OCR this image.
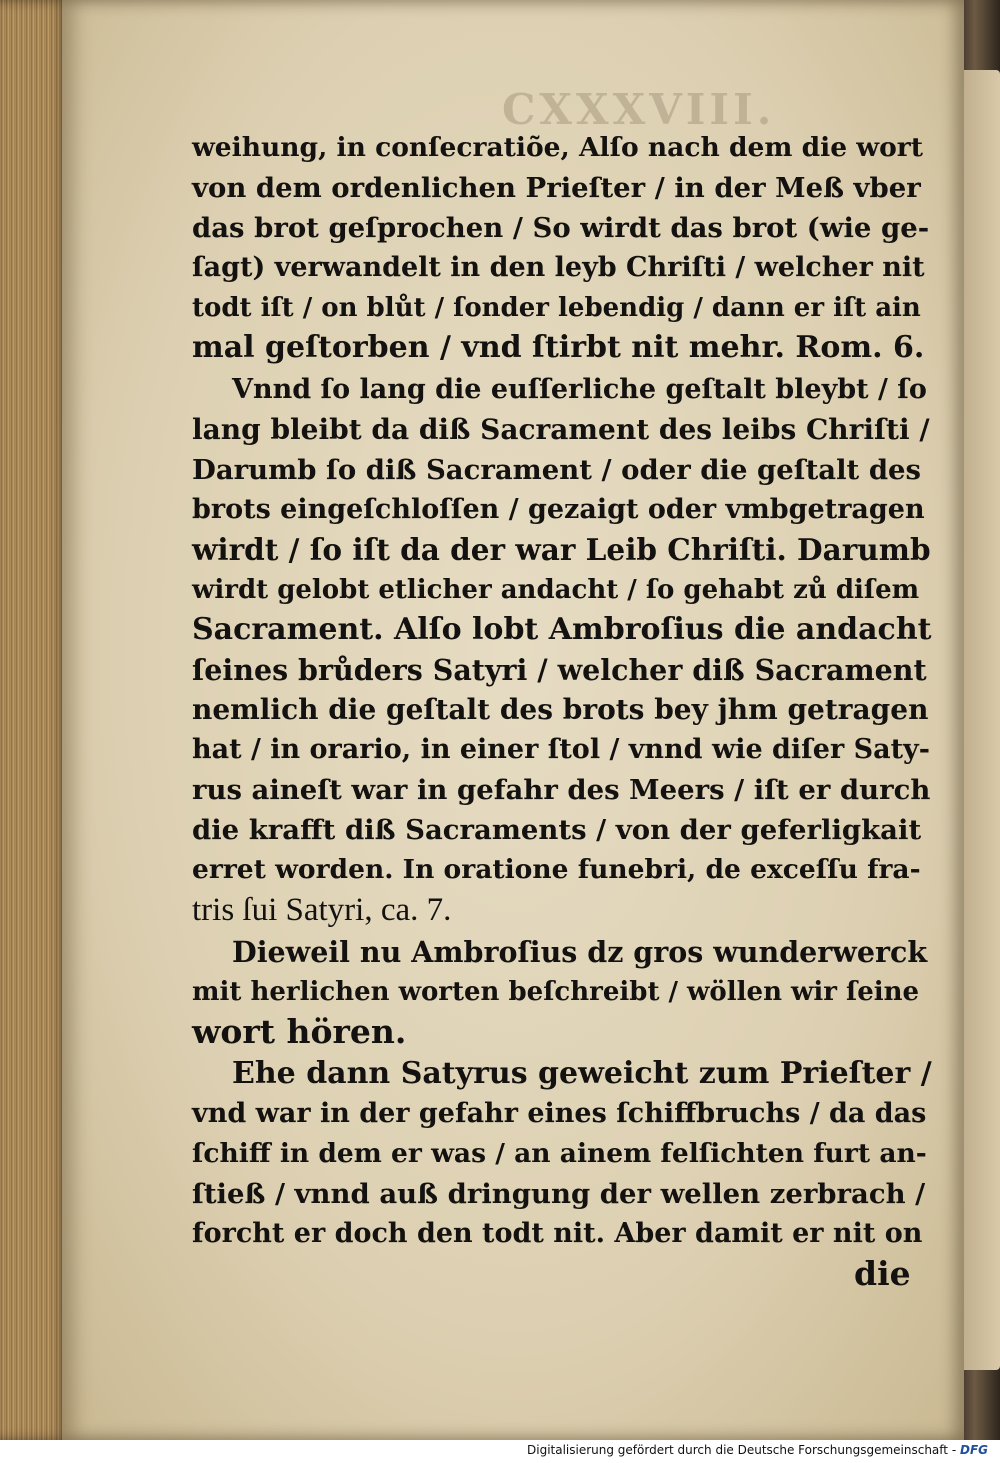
CXXXVIII.
weihung, in conſecratiõe, Alſo nach dem die wort
von dem ordenlichen Prieſter / in der Meß vber
das brot geſprochen / So wirdt das brot (wie ge-
ſagt) verwandelt in den leyb Chriſti / welcher nit
todt iſt / on blůt / ſonder lebendig / dann er iſt ain
mal geſtorben / vnd ſtirbt nit mehr. Rom. 6.
Vnnd ſo lang die euſſerliche geſtalt bleybt / ſo
lang bleibt da diß Sacrament des leibs Chriſti /
Darumb ſo diß Sacrament / oder die geſtalt des
brots eingeſchloſſen / gezaigt oder vmbgetragen
wirdt / ſo iſt da der war Leib Chriſti. Darumb
wirdt gelobt etlicher andacht / ſo gehabt zů diſem
Sacrament. Alſo lobt Ambroſius die andacht
ſeines brůders Satyri / welcher diß Sacrament
nemlich die geſtalt des brots bey jhm getragen
hat / in orario, in einer ſtol / vnnd wie diſer Saty-
rus aineſt war in gefahr des Meers / iſt er durch
die krafft diß Sacraments / von der geferligkait
erret worden. In oratione funebri, de exceſſu fra-
tris ſui Satyri, ca. 7.
Dieweil nu Ambroſius dz gros wunderwerck
mit herlichen worten beſchreibt / wöllen wir ſeine
wort hören.
Ehe dann Satyrus geweicht zum Prieſter /
vnd war in der gefahr eines ſchiffbruchs / da das
ſchiff in dem er was / an ainem felſichten furt an-
ſtieß / vnnd auß dringung der wellen zerbrach /
forcht er doch den todt nit. Aber damit er nit on
die
Digitalisierung gefördert durch die Deutsche Forschungsgemeinschaft - DFG
